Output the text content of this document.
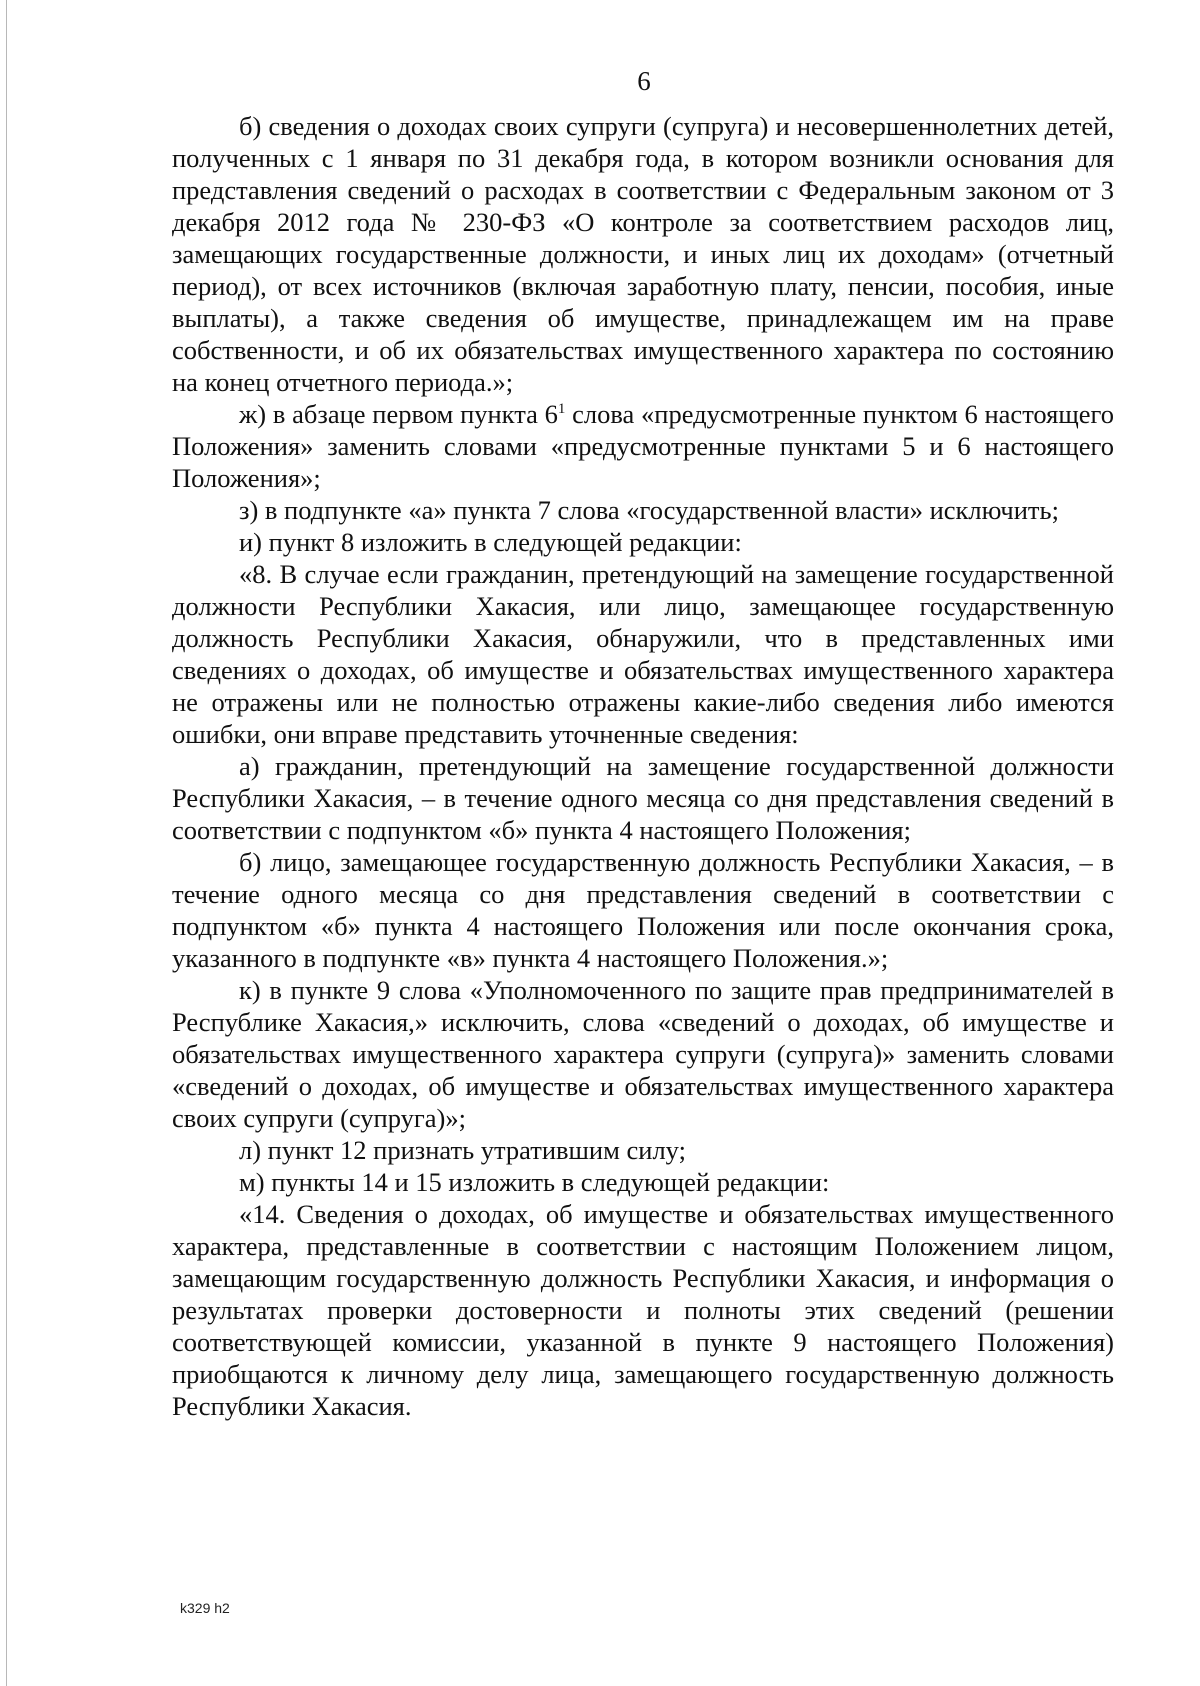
6

б) сведения о доходах своих супруги (супруга) и несовершеннолетних детей, полученных с 1 января по 31 декабря года, в котором возникли основания для представления сведений о расходах в соответствии с Федеральным законом от 3 декабря 2012 года № 230-ФЗ «О контроле за соответствием расходов лиц, замещающих государственные должности, и иных лиц их доходам» (отчетный период), от всех источников (включая заработную плату, пенсии, пособия, иные выплаты), а также сведения об имуществе, принадлежащем им на праве собственности, и об их обязательствах имущественного характера по состоянию на конец отчетного периода.»;

ж) в абзаце первом пункта $6^1$ слова «предусмотренные пунктом 6 настоящего Положения» заменить словами «предусмотренные пунктами 5 и 6 настоящего Положения»;

з) в подпункте «а» пункта 7 слова «государственной власти» исключить;

и) пункт 8 изложить в следующей редакции:

«8. В случае если гражданин, претендующий на замещение государственной должности Республики Хакасия, или лицо, замещающее государственную должность Республики Хакасия, обнаружили, что в представленных ими сведениях о доходах, об имуществе и обязательствах имущественного характера не отражены или не полностью отражены какие-либо сведения либо имеются ошибки, они вправе представить уточненные сведения:

а) гражданин, претендующий на замещение государственной должности Республики Хакасия, – в течение одного месяца со дня представления сведений в соответствии с подпунктом «б» пункта 4 настоящего Положения;

б) лицо, замещающее государственную должность Республики Хакасия, – в течение одного месяца со дня представления сведений в соответствии с подпунктом «б» пункта 4 настоящего Положения или после окончания срока, указанного в подпункте «в» пункта 4 настоящего Положения.»;

к) в пункте 9 слова «Уполномоченного по защите прав предпринимателей в Республике Хакасия,» исключить, слова «сведений о доходах, об имуществе и обязательствах имущественного характера супруги (супруга)» заменить словами «сведений о доходах, об имуществе и обязательствах имущественного характера своих супруги (супруга)»;

л) пункт 12 признать утратившим силу;

м) пункты 14 и 15 изложить в следующей редакции:

«14. Сведения о доходах, об имуществе и обязательствах имущественного характера, представленные в соответствии с настоящим Положением лицом, замещающим государственную должность Республики Хакасия, и информация о результатах проверки достоверности и полноты этих сведений (решении соответствующей комиссии, указанной в пункте 9 настоящего Положения) приобщаются к личному делу лица, замещающего государственную должность Республики Хакасия.

k329 h2
